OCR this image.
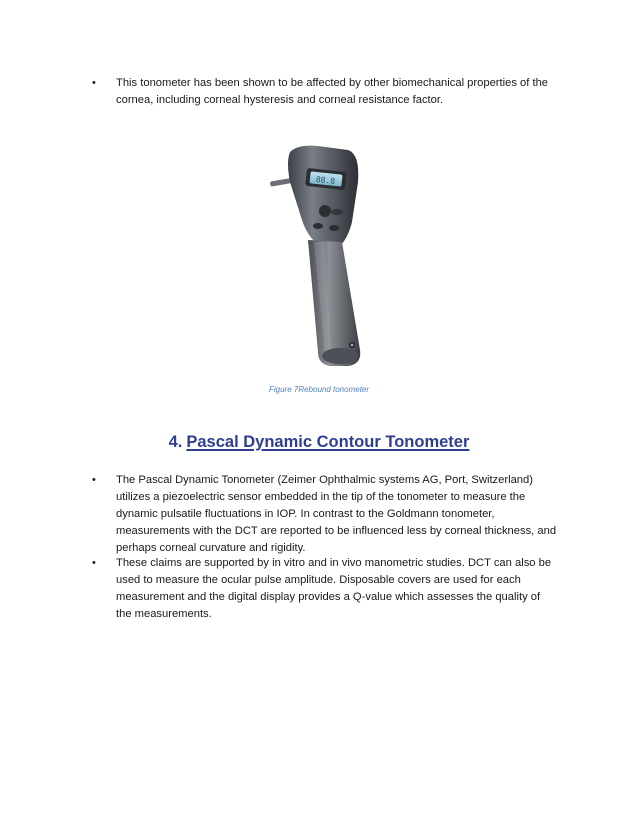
•	This tonometer has been shown to be affected by other biomechanical properties of the

cornea, including corneal hysteresis and corneal resistance factor.

88.8
Figure 7Rebound tonometer
4. Pascal Dynamic Contour Tonometer
•	The Pascal Dynamic Tonometer (Zeimer Ophthalmic systems AG, Port, Switzerland)

utilizes a piezoelectric sensor embedded in the tip of the tonometer to measure the

dynamic pulsatile fluctuations in IOP. In contrast to the Goldmann tonometer,

measurements with the DCT are reported to be influenced less by corneal thickness, and

perhaps corneal curvature and rigidity.

•	These claims are supported by in vitro and in vivo manometric studies. DCT can also be

used to measure the ocular pulse amplitude. Disposable covers are used for each

measurement and the digital display provides a Q-value which assesses the quality of

the measurements.
